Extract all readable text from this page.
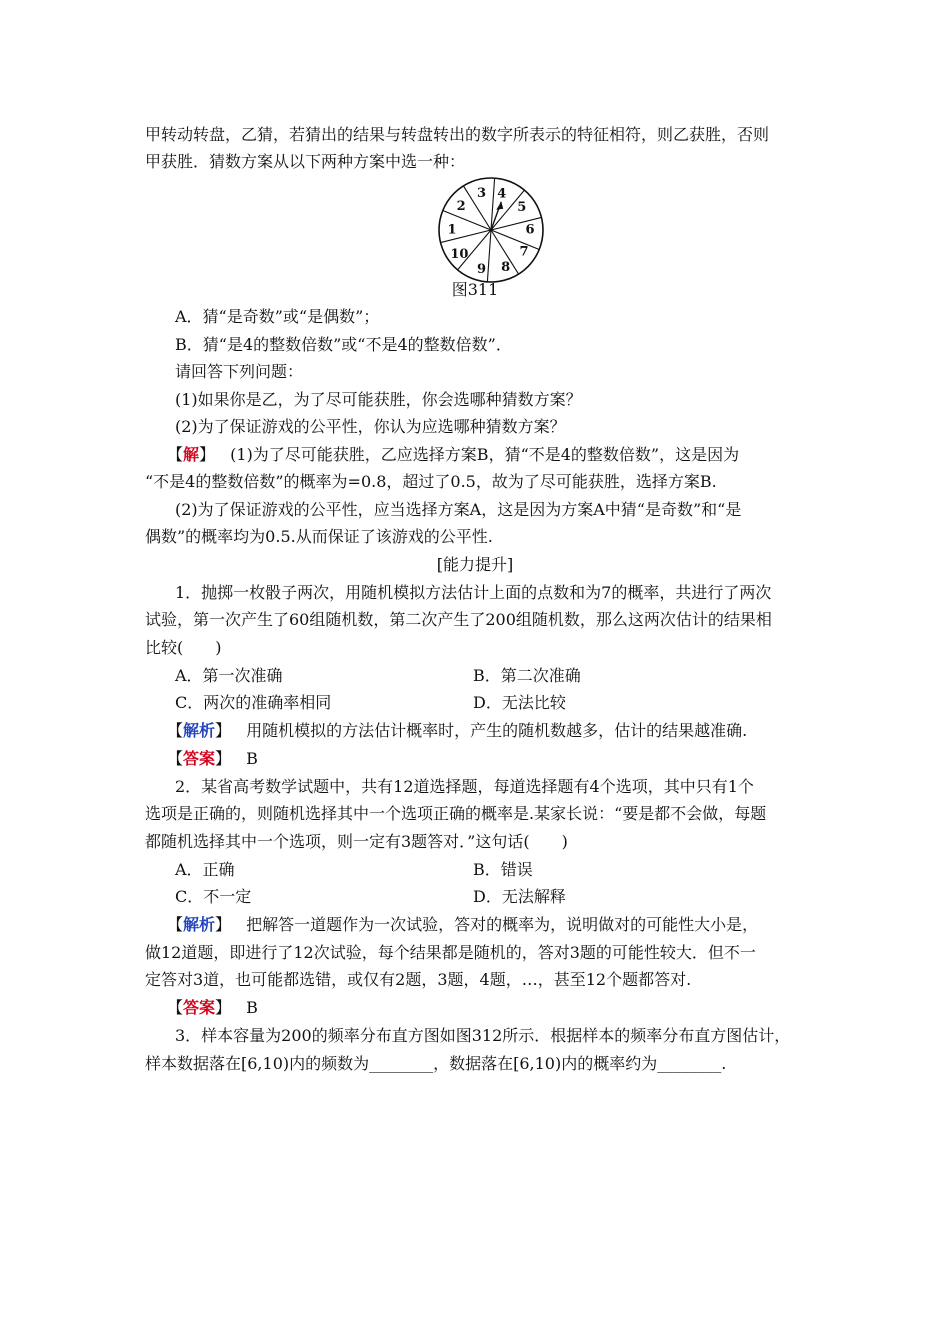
甲转动转盘，乙猜，若猜出的结果与转盘转出的数字所表示的特征相符，则乙获胜，否则
甲获胜．猜数方案从以下两种方案中选一种：
1
2
3 4
5
6
7
8
9
10
图311
A．猜“是奇数”或“是偶数”；
B．猜“是4的整数倍数”或“不是4的整数倍数”．
请回答下列问题：
(1)如果你是乙，为了尽可能获胜，你会选哪种猜数方案？
(2)为了保证游戏的公平性，你认为应选哪种猜数方案？
【解】 (1)为了尽可能获胜，乙应选择方案B，猜“不是4的整数倍数”，这是因为
“不是4的整数倍数”的概率为=0.8，超过了0.5，故为了尽可能获胜，选择方案B.
(2)为了保证游戏的公平性，应当选择方案A，这是因为方案A中猜“是奇数”和“是
偶数”的概率均为0.5.从而保证了该游戏的公平性.
[能力提升]
1．抛掷一枚骰子两次，用随机模拟方法估计上面的点数和为7的概率，共进行了两次
试验，第一次产生了60组随机数，第二次产生了200组随机数，那么这两次估计的结果相
比较(　　)
A．第一次准确	B．第二次准确
C．两次的准确率相同	D．无法比较
【解析】 用随机模拟的方法估计概率时，产生的随机数越多，估计的结果越准确.
【答案】 B
2．某省高考数学试题中，共有12道选择题，每道选择题有4个选项，其中只有1个
选项是正确的，则随机选择其中一个选项正确的概率是.某家长说：“要是都不会做，每题
都随机选择其中一个选项，则一定有3题答对．”这句话(　　)
A．正确	B．错误
C．不一定	D．无法解释
【解析】 把解答一道题作为一次试验，答对的概率为，说明做对的可能性大小是，
做12道题，即进行了12次试验，每个结果都是随机的，答对3题的可能性较大．但不一
定答对3道，也可能都选错，或仅有2题，3题，4题，…，甚至12个题都答对.
【答案】 B
3．样本容量为200的频率分布直方图如图312所示．根据样本的频率分布直方图估计，
样本数据落在[6,10)内的频数为________，数据落在[6,10)内的概率约为________.
